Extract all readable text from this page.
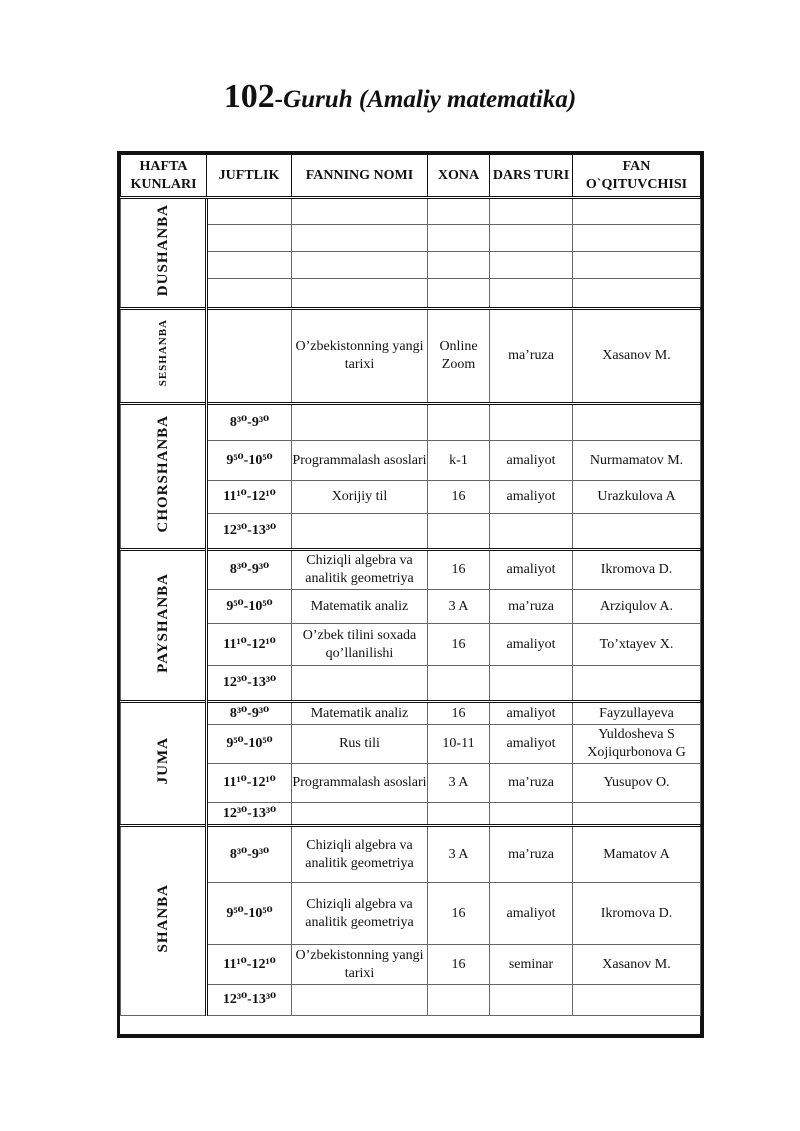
102-Guruh (Amaliy matematika)
HAFTA KUNLARI	JUFTLIK	FANNING NOMI	XONA	DARS TURI	FAN O`QITUVCHISI
DUSHANBA					

SESHANBA		O’zbekistonning yangi tarixi	Online Zoom	ma’ruza	Xasanov M.
CHORSHANBA	8³⁰-9³⁰				
	9⁵⁰-10⁵⁰	Programmalash asoslari	k-1	amaliyot	Nurmamatov M.
	11¹⁰-12¹⁰	Xorijiy til	16	amaliyot	Urazkulova A
	12³⁰-13³⁰				
PAYSHANBA	8³⁰-9³⁰	Chiziqli algebra va analitik geometriya	16	amaliyot	Ikromova D.
	9⁵⁰-10⁵⁰	Matematik analiz	3 A	ma’ruza	Arziqulov A.
	11¹⁰-12¹⁰	O’zbek tilini soxada qo’llanilishi	16	amaliyot	To’xtayev X.
	12³⁰-13³⁰				
JUMA	8³⁰-9³⁰	Matematik analiz	16	amaliyot	Fayzullayeva
	9⁵⁰-10⁵⁰	Rus tili	10-11	amaliyot	Yuldosheva S Xojiqurbonova G
	11¹⁰-12¹⁰	Programmalash asoslari	3 A	ma’ruza	Yusupov O.
	12³⁰-13³⁰				
SHANBA	8³⁰-9³⁰	Chiziqli algebra va analitik geometriya	3 A	ma’ruza	Mamatov A
	9⁵⁰-10⁵⁰	Chiziqli algebra va analitik geometriya	16	amaliyot	Ikromova D.
	11¹⁰-12¹⁰	O’zbekistonning yangi tarixi	16	seminar	Xasanov M.
	12³⁰-13³⁰				
